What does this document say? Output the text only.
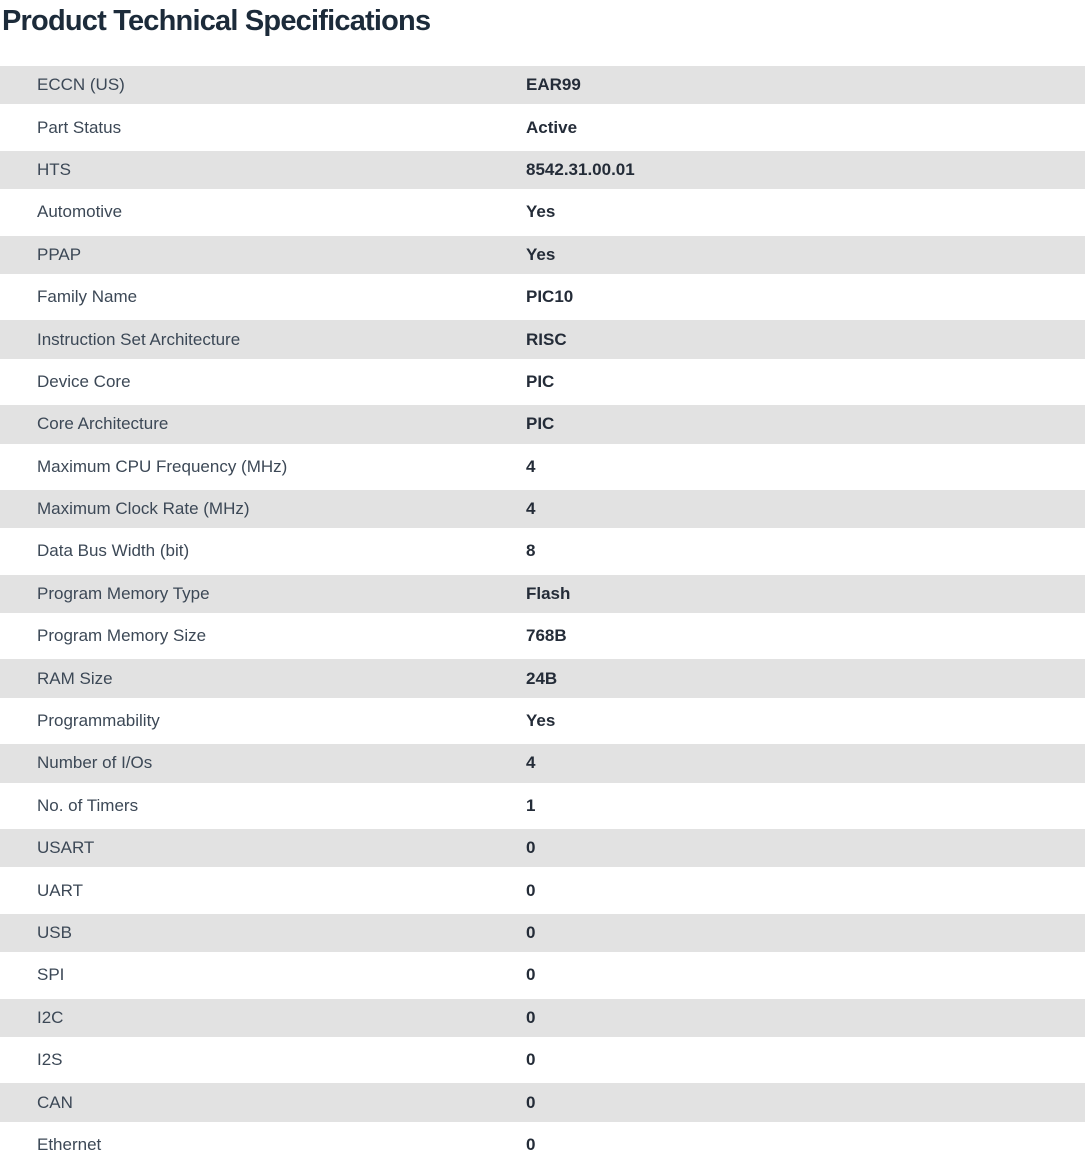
Product Technical Specifications
ECCN (US)	EAR99
Part Status	Active
HTS	8542.31.00.01
Automotive	Yes
PPAP	Yes
Family Name	PIC10
Instruction Set Architecture	RISC
Device Core	PIC
Core Architecture	PIC
Maximum CPU Frequency (MHz)	4
Maximum Clock Rate (MHz)	4
Data Bus Width (bit)	8
Program Memory Type	Flash
Program Memory Size	768B
RAM Size	24B
Programmability	Yes
Number of I/Os	4
No. of Timers	1
USART	0
UART	0
USB	0
SPI	0
I2C	0
I2S	0
CAN	0
Ethernet	0
